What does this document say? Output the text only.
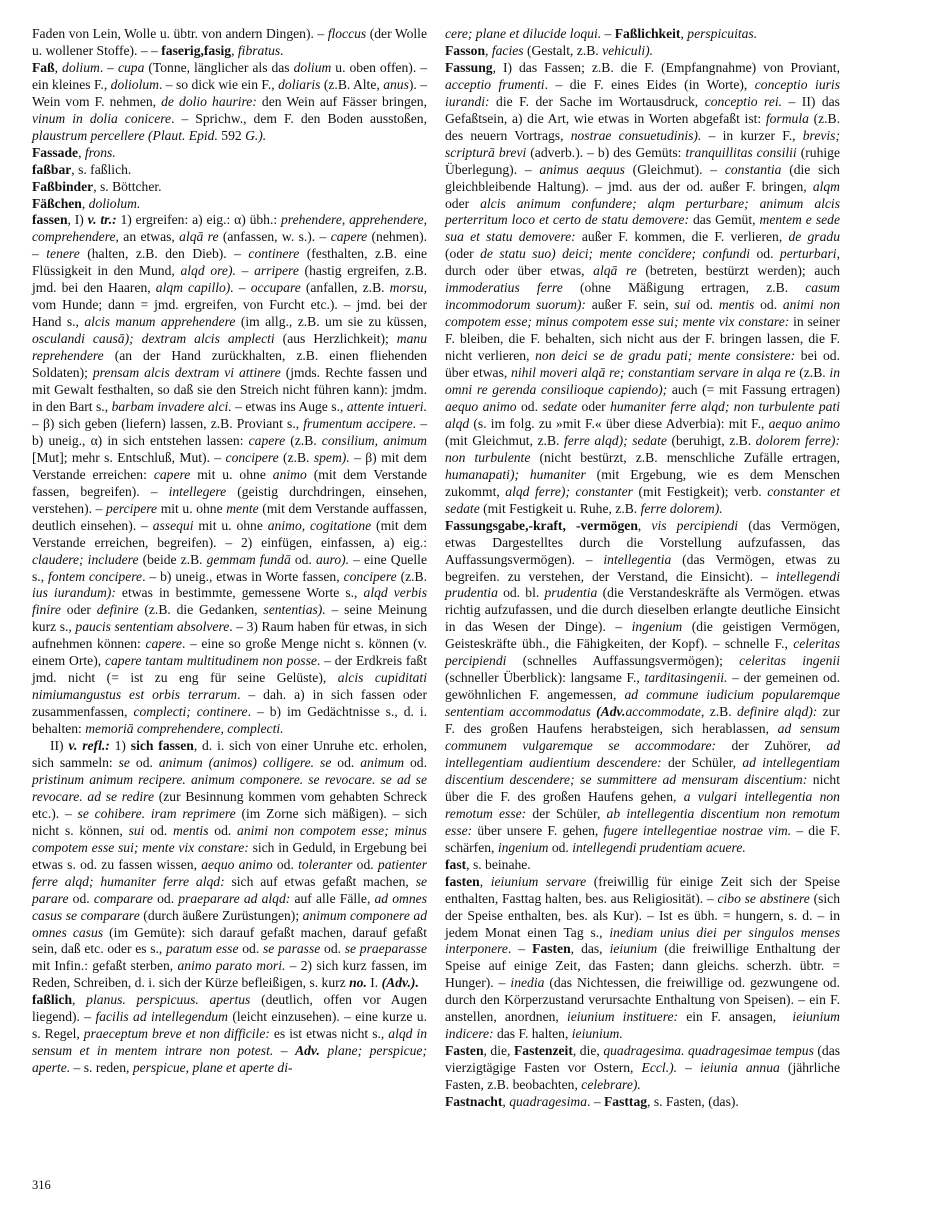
Faden von Lein, Wolle u. übtr. von andern Dingen). – floccus (der Wolle u. wollener Stoffe). – – faserig,fasig, fibratus.

Faß, dolium. – cupa (Tonne, länglicher als das dolium u. oben offen). – ein kleines F., doliolum. – so dick wie ein F., doliaris (z.B. Alte, anus). – Wein vom F. nehmen, de dolio haurire: den Wein auf Fässer bringen, vinum in dolia conicere. – Sprichw., dem F. den Boden ausstoßen, plaustrum percellere (Plaut. Epid. 592 G.).

Fassade, frons.

faßbar, s. faßlich.

Faßbinder, s. Böttcher.

Fäßchen, doliolum.

fassen, I) v. tr.: 1) ergreifen: a) eig.: α) übh.: prehendere, apprehendere, comprehendere, an etwas, alqā re (anfassen, w. s.). – capere (nehmen). – tenere (halten, z.B. den Dieb). – continere (festhalten, z.B. eine Flüssigkeit in den Mund, alqd ore). – arripere (hastig ergreifen, z.B. jmd. bei den Haaren, alqm capillo). – occupare (anfallen, z.B. morsu, vom Hunde; dann = jmd. ergreifen, von Furcht etc.). – jmd. bei der Hand s., alcis manum apprehendere (im allg., z.B. um sie zu küssen, osculandi causā); dextram alcis amplecti (aus Herzlichkeit); manu reprehendere (an der Hand zurückhalten, z.B. einen fliehenden Soldaten); prensam alcis dextram vi attinere (jmds. Rechte fassen und mit Gewalt festhalten, so daß sie den Streich nicht führen kann): jmdm. in den Bart s., barbam invadere alci. – etwas ins Auge s., attente intueri. – β) sich geben (liefern) lassen, z.B. Proviant s., frumentum accipere. – b) uneig., α) in sich entstehen lassen: capere (z.B. consilium, animum [Mut]; mehr s. Entschluß, Mut). – concipere (z.B. spem). – β) mit dem Verstande erreichen: capere mit u. ohne animo (mit dem Verstande fassen, begreifen). – intellegere (geistig durchdringen, einsehen, verstehen). – percipere mit u. ohne mente (mit dem Verstande auffassen, deutlich einsehen). – assequi mit u. ohne animo, cogitatione (mit dem Verstande erreichen, begreifen). – 2) einfügen, einfassen, a) eig.: claudere; includere (beide z.B. gemmam fundā od. auro). – eine Quelle s., fontem concipere. – b) uneig., etwas in Worte fassen, concipere (z.B. ius iurandum): etwas in bestimmte, gemessene Worte s., alqd verbis finire oder definire (z.B. die Gedanken, sententias). – seine Meinung kurz s., paucis sententiam absolvere. – 3) Raum haben für etwas, in sich aufnehmen können: capere. – eine so große Menge nicht s. können (v. einem Orte), capere tantam multitudinem non posse. – der Erdkreis faßt jmd. nicht (= ist zu eng für seine Gelüste), alcis cupiditati nimiumangustus est orbis terrarum. – dah. a) in sich fassen oder zusammenfassen, complecti; continere. – b) im Gedächtnisse s., d. i. behalten: memoriā comprehendere, complecti.

II) v. refl.: 1) sich fassen, d. i. sich von einer Unruhe etc. erholen, sich sammeln: se od. animum (animos) colligere. se od. animum od. pristinum animum recipere. animum componere. se revocare. se ad se revocare. ad se redire (zur Besinnung kommen vom gehabten Schreck etc.). – se cohibere. iram reprimere (im Zorne sich mäßigen). – sich nicht s. können, sui od. mentis od. animi non compotem esse; minus compotem esse sui; mente vix constare: sich in Geduld, in Ergebung bei etwas s. od. zu fassen wissen, aequo animo od. toleranter od. patienter ferre alqd; humaniter ferre alqd: sich auf etwas gefaßt machen, se parare od. comparare od. praeparare ad alqd: auf alle Fälle, ad omnes casus se comparare (durch äußere Zurüstungen); animum componere ad omnes casus (im Gemüte): sich darauf gefaßt machen, darauf gefaßt sein, daß etc. oder es s., paratum esse od. se parasse od. se praeparasse mit Infin.: gefaßt sterben, animo parato mori. – 2) sich kurz fassen, im Reden, Schreiben, d. i. sich der Kürze befleißigen, s. kurz no. I. (Adv.).

faßlich, planus. perspicuus. apertus (deutlich, offen vor Augen liegend). – facilis ad intellegendum (leicht einzusehen). – eine kurze u. s. Regel, praeceptum breve et non difficile: es ist etwas nicht s., alqd in sensum et in mentem intrare non potest. – Adv. plane; perspicue; aperte. – s. reden, perspicue, plane et aperte di-

cere; plane et dilucide loqui. – Faßlichkeit, perspicuitas.

Fasson, facies (Gestalt, z.B. vehiculi).

Fassung, I) das Fassen; z.B. die F. (Empfangnahme) von Proviant, acceptio frumenti. – die F. eines Eides (in Worte), conceptio iuris iurandi: die F. der Sache im Wortausdruck, conceptio rei. – II) das Gefaßtsein, a) die Art, wie etwas in Worten abgefaßt ist: formula (z.B. des neuern Vortrags, nostrae consuetudinis). – in kurzer F., brevis; scripturā brevi (adverb.). – b) des Gemüts: tranquillitas consilii (ruhige Überlegung). – animus aequus (Gleichmut). – constantia (die sich gleichbleibende Haltung). – jmd. aus der od. außer F. bringen, alqm oder alcis animum confundere; alqm perturbare; animum alcis perterritum loco et certo de statu demovere: das Gemüt, mentem e sede sua et statu demovere: außer F. kommen, die F. verlieren, de gradu (oder de statu suo) deici; mente concĭdere; confundi od. perturbari, durch oder über etwas, alqā re (betreten, bestürzt werden); auch immoderatius ferre (ohne Mäßigung ertragen, z.B. casum incommodorum suorum): außer F. sein, sui od. mentis od. animi non compotem esse; minus compotem esse sui; mente vix constare: in seiner F. bleiben, die F. behalten, sich nicht aus der F. bringen lassen, die F. nicht verlieren, non deici se de gradu pati; mente consistere: bei od. über etwas, nihil moveri alqā re; constantiam servare in alqa re (z.B. in omni re gerenda consilioque capiendo); auch (= mit Fassung ertragen) aequo animo od. sedate oder humaniter ferre alqd; non turbulente pati alqd (s. im folg. zu »mit F.« über diese Adverbia): mit F., aequo animo (mit Gleichmut, z.B. ferre alqd); sedate (beruhigt, z.B. dolorem ferre): non turbulente (nicht bestürzt, z.B. menschliche Zufälle ertragen, humanapati); humaniter (mit Ergebung, wie es dem Menschen zukommt, alqd ferre); constanter (mit Festigkeit); verb. constanter et sedate (mit Festigkeit u. Ruhe, z.B. ferre dolorem).

Fassungsgabe,-kraft, -vermögen, vis percipiendi (das Vermögen, etwas Dargestelltes durch die Vorstellung aufzufassen, das Auffassungsvermögen). – intellegentia (das Vermögen, etwas zu begreifen. zu verstehen, der Verstand, die Einsicht). – intellegendi prudentia od. bl. prudentia (die Verstandeskräfte als Vermögen. etwas richtig aufzufassen, und die durch dieselben erlangte deutliche Einsicht in das Wesen der Dinge). – ingenium (die geistigen Vermögen, Geisteskräfte übh., die Fähigkeiten, der Kopf). – schnelle F., celeritas percipiendi (schnelles Auffassungsvermögen); celeritas ingenii (schneller Überblick): langsame F., tarditasingenii. – der gemeinen od. gewöhnlichen F. angemessen, ad commune iudicium popularemque sententiam accommodatus (Adv.accommodate, z.B. definire alqd): zur F. des großen Haufens herabsteigen, sich herablassen, ad sensum communem vulgaremque se accommodare: der Zuhörer, ad intellegentiam audientium descendere: der Schüler, ad intellegentiam discentium descendere; se summittere ad mensuram discentium: nicht über die F. des großen Haufens gehen, a vulgari intellegentia non remotum esse: der Schüler, ab intellegentia discentium non remotum esse: über unsere F. gehen, fugere intellegentiae nostrae vim. – die F. schärfen, ingenium od. intellegendi prudentiam acuere.

fast, s. beinahe.

fasten, ieiunium servare (freiwillig für einige Zeit sich der Speise enthalten, Fasttag halten, bes. aus Religiosität). – cibo se abstinere (sich der Speise enthalten, bes. als Kur). – Ist es übh. = hungern, s. d. – in jedem Monat einen Tag s., inediam unius diei per singulos menses interponere. – Fasten, das, ieiunium (die freiwillige Enthaltung der Speise auf einige Zeit, das Fasten; dann gleichs. scherzh. übtr. = Hunger). – inedia (das Nichtessen, die freiwillige od. gezwungene od. durch den Körperzustand verursachte Enthaltung von Speisen). – ein F. anstellen, anordnen, ieiunium instituere: ein F. ansagen,  ieiunium indicere: das F. halten, ieiunium.

Fasten, die, Fastenzeit, die, quadragesima. quadragesimae tempus (das vierzigtägige Fasten vor Ostern, Eccl.). – ieiunia annua (jährliche Fasten, z.B. beobachten, celebrare).

Fastnacht, quadragesima. – Fasttag, s. Fasten, (das).

316
